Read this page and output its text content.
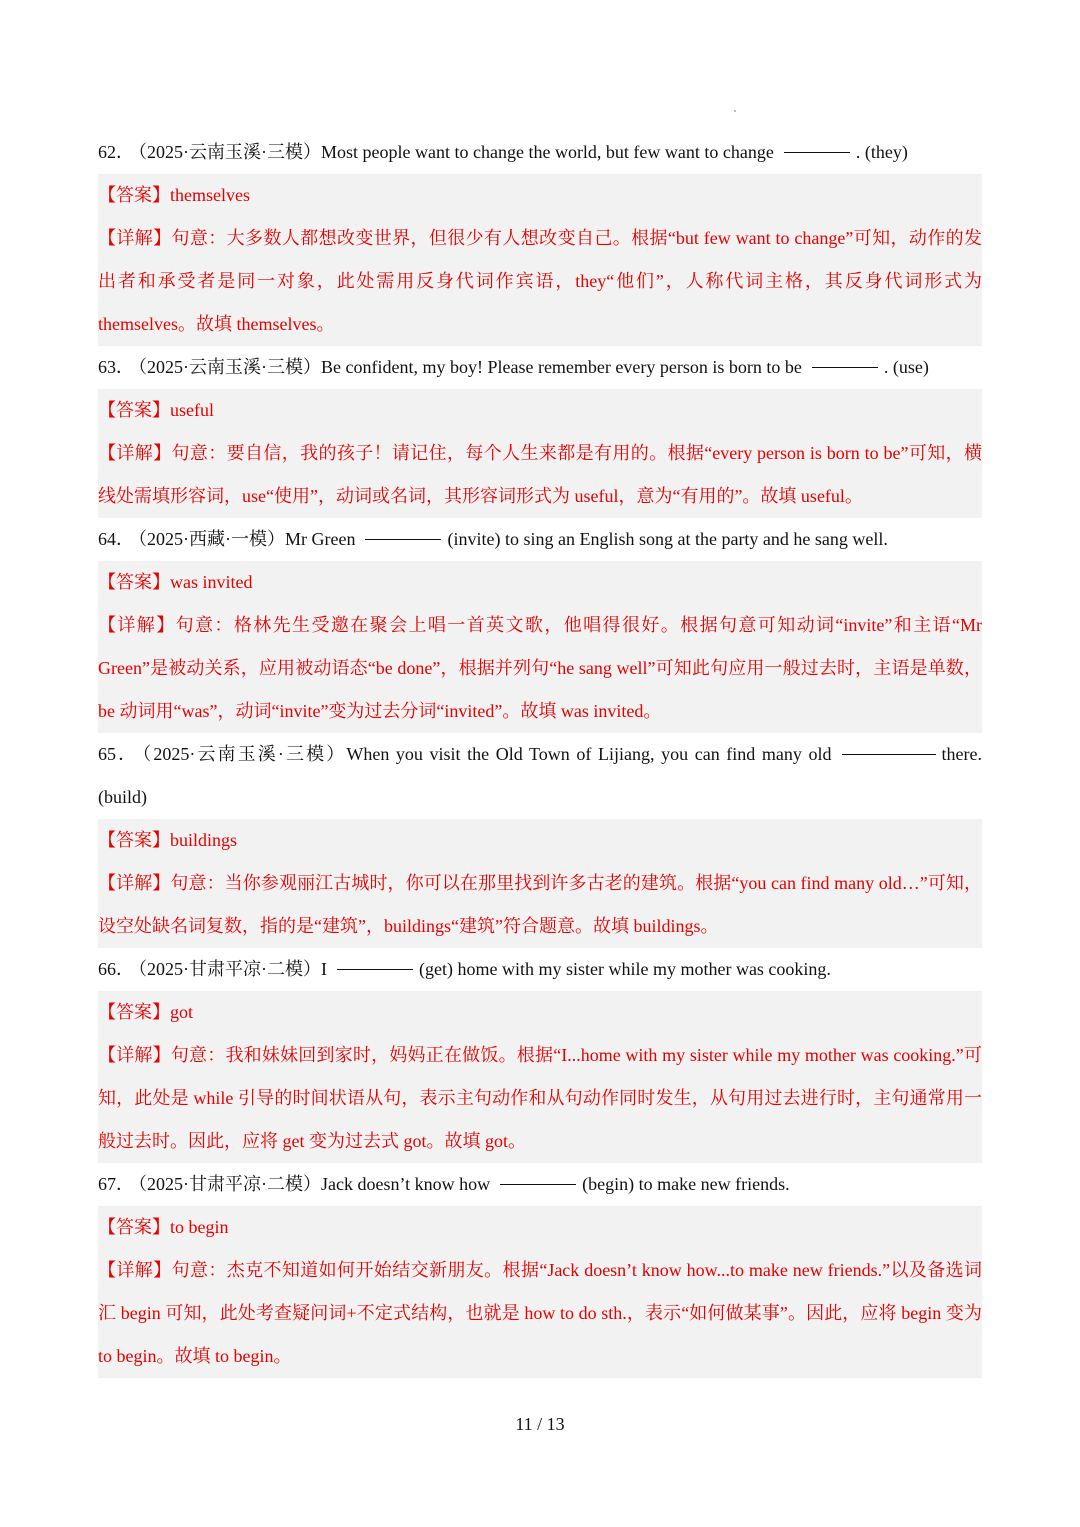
62． （2025·云南玉溪·三模）Most people want to change the world, but few want to change	. (they)
【答案】themselves
【详解】句意：大多数人都想改变世界，但很少有人想改变自己。根据“but few want to change”可知，动作的发出者和承受者是同一对象，此处需用反身代词作宾语，they“他们”，人称代词主格，其反身代词形式为themselves。故填 themselves。
63． （2025·云南玉溪·三模）Be confident, my boy! Please remember every person is born to be	. (use)
【答案】useful
【详解】句意：要自信，我的孩子！请记住，每个人生来都是有用的。根据“every person is born to be”可知，横线处需填形容词，use“使用”，动词或名词，其形容词形式为 useful，意为“有用的”。故填 useful。
64． （2025·西藏·一模）Mr Green	(invite) to sing an English song at the party and he sang well.
【答案】was invited
【详解】句意：格林先生受邀在聚会上唱一首英文歌，他唱得很好。根据句意可知动词“invite”和主语“Mr Green”是被动关系，应用被动语态“be done”，根据并列句“he sang well”可知此句应用一般过去时，主语是单数，be 动词用“was”，动词“invite”变为过去分词“invited”。故填 was invited。
65． （2025·云南玉溪·三模）When you visit the Old Town of Lijiang, you can find many old	there. (build)
【答案】buildings
【详解】句意：当你参观丽江古城时，你可以在那里找到许多古老的建筑。根据“you can find many old…”可知，设空处缺名词复数，指的是“建筑”，buildings“建筑”符合题意。故填 buildings。
66． （2025·甘肃平凉·二模）I	(get) home with my sister while my mother was cooking.
【答案】got
【详解】句意：我和妹妹回到家时，妈妈正在做饭。根据“I...home with my sister while my mother was cooking.”可知，此处是 while 引导的时间状语从句，表示主句动作和从句动作同时发生，从句用过去进行时，主句通常用一般过去时。因此，应将 get 变为过去式 got。故填 got。
67． （2025·甘肃平凉·二模）Jack doesn’t know how	(begin) to make new friends.
【答案】to begin
【详解】句意：杰克不知道如何开始结交新朋友。根据“Jack doesn’t know how...to make new friends.”以及备选词汇 begin 可知，此处考查疑问词+不定式结构，也就是 how to do sth.，表示“如何做某事”。因此，应将 begin 变为 to begin。故填 to begin。
11 / 13
